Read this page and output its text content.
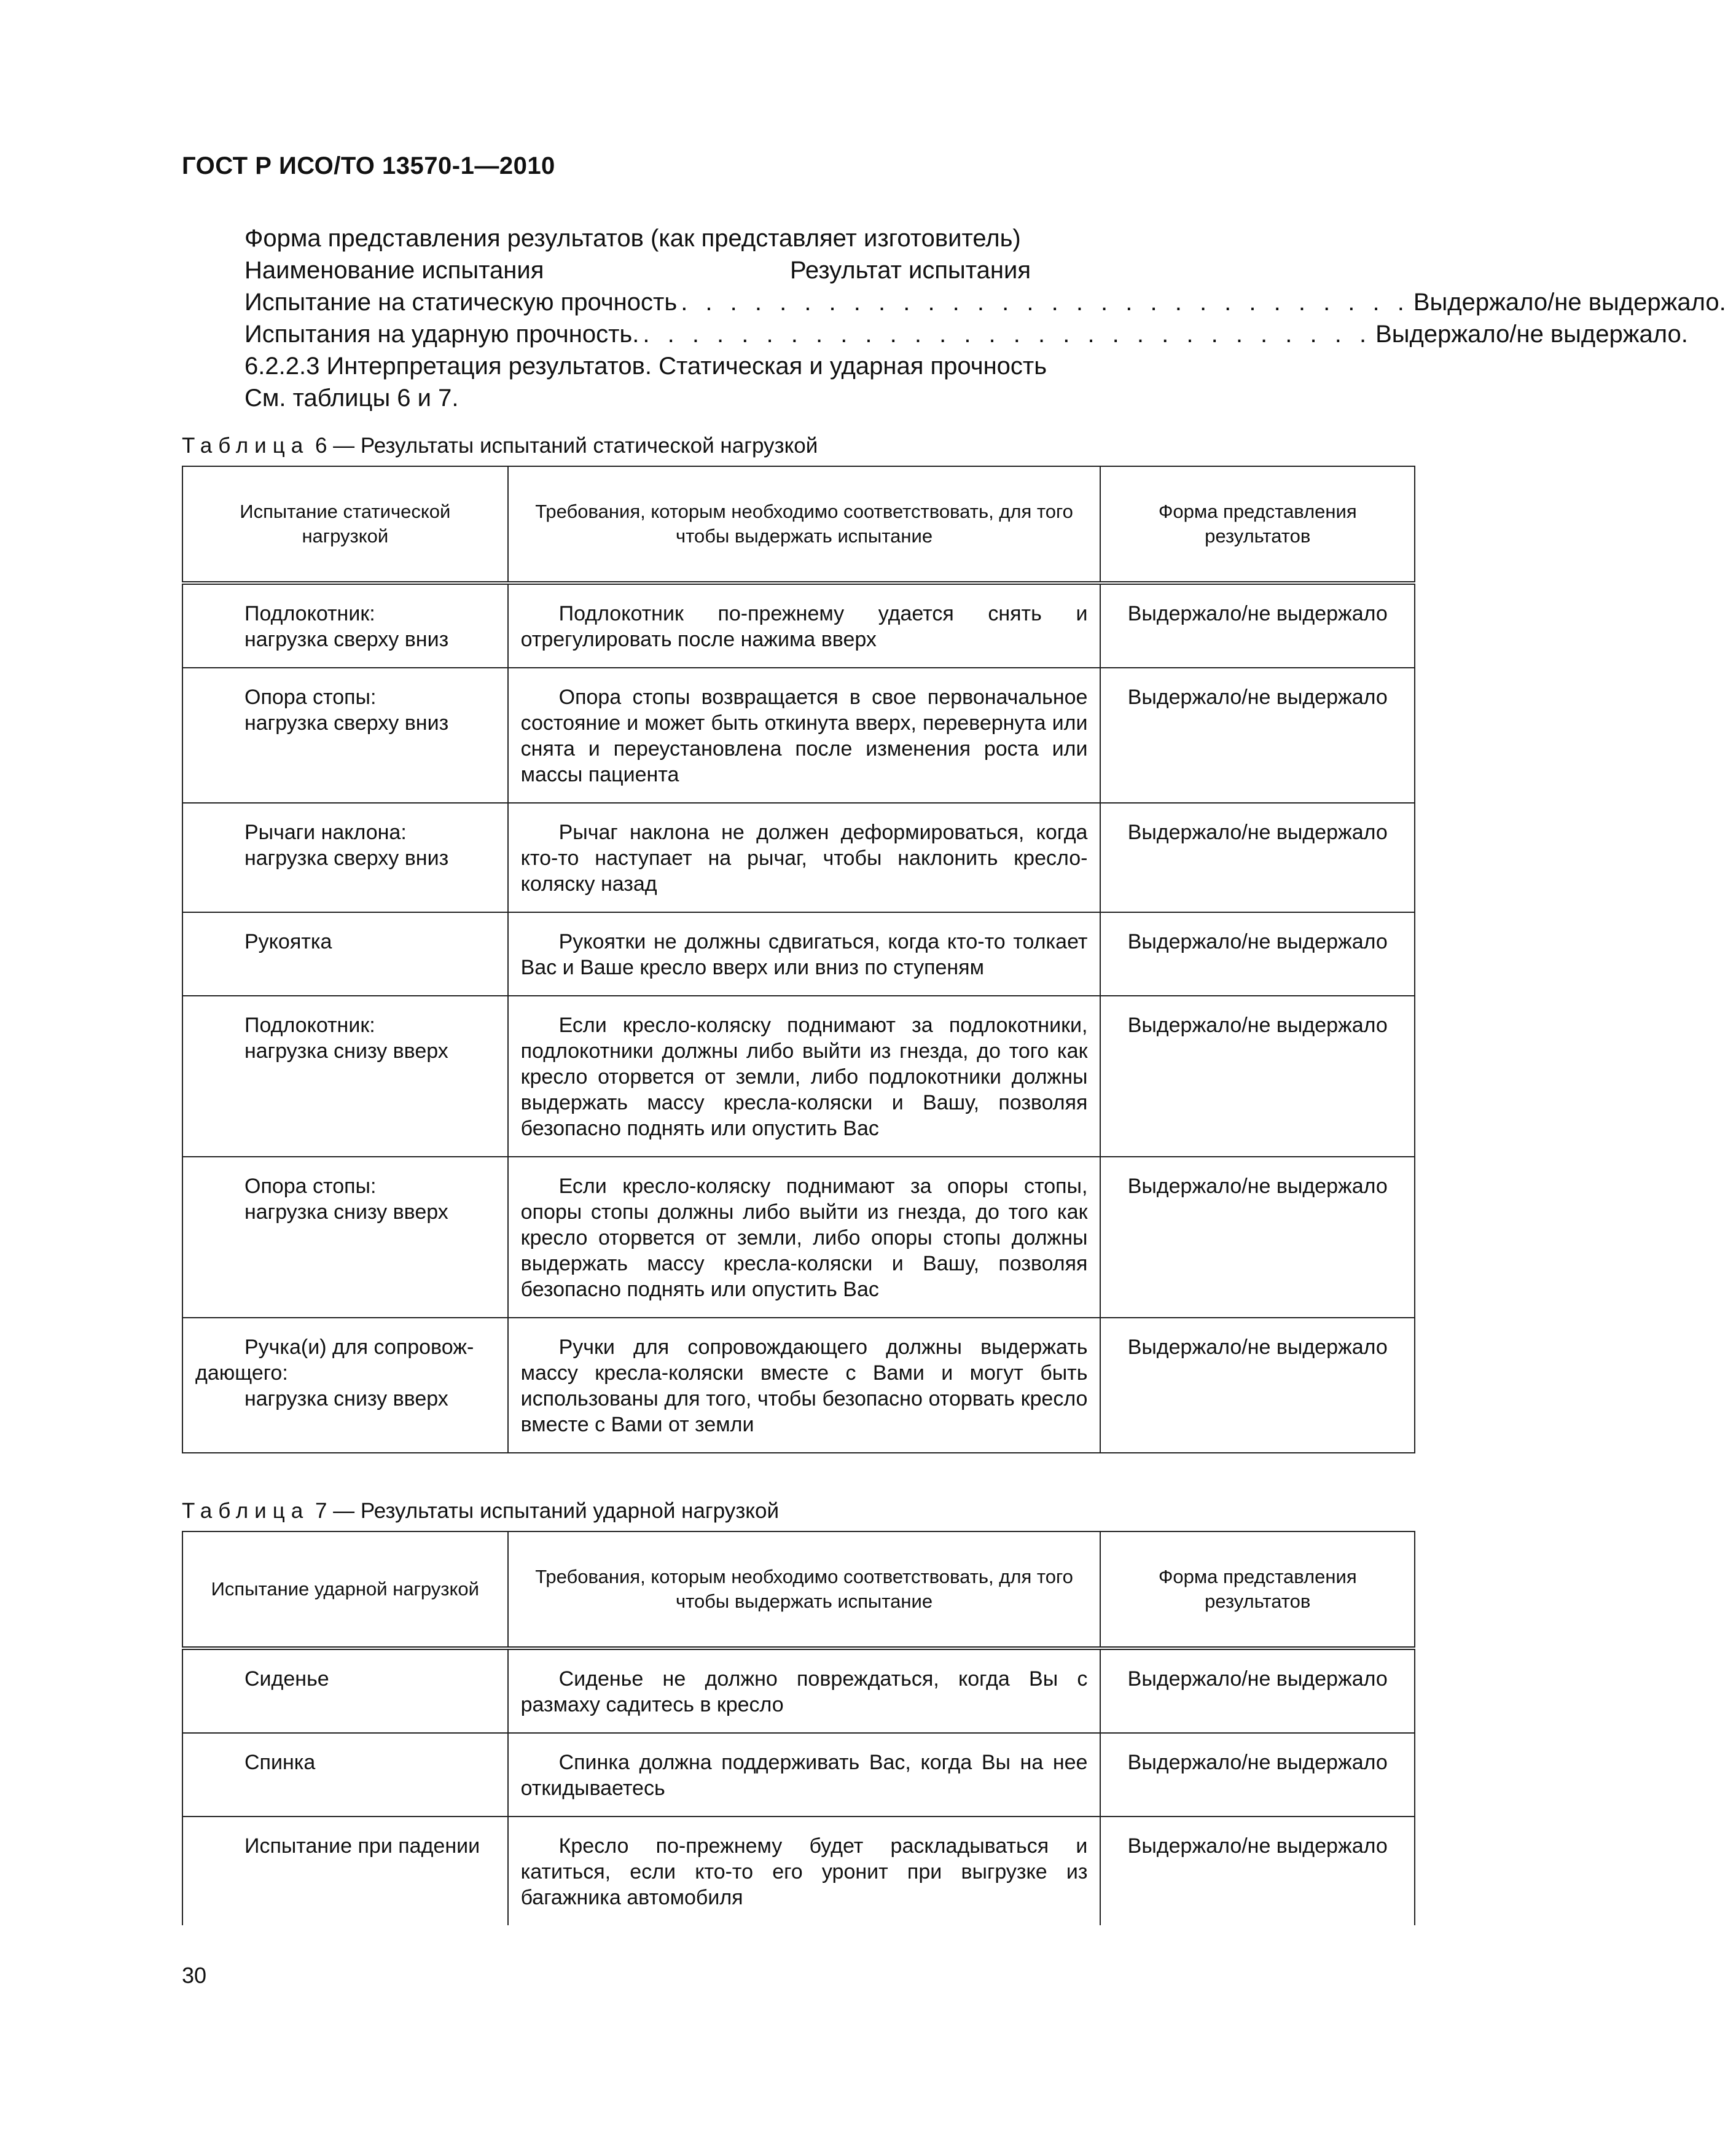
ГОСТ Р ИСО/ТО 13570-1—2010
Форма представления результатов (как представляет изготовитель)
Наименование испытания	Результат испытания
Испытание на статическую прочность . . . . . . . . . . . . . . . . . . . . . . . . . . . . . . Выдержало/не выдержало.
Испытания на ударную прочность. . . . . . . . . . . . . . . . . . . . . . . . . . . . . . . Выдержало/не выдержало.
6.2.2.3 Интерпретация результатов. Статическая и ударная прочность
См. таблицы 6 и 7.
Таблица 6 — Результаты испытаний статической нагрузкой
Испытание статической нагрузкой	Требования, которым необходимо соответствовать, для того чтобы выдержать испытание	Форма представления результатов

Подлокотник:
нагрузка сверху вниз	Подлокотник по-прежнему удается снять и отрегулировать после нажима вверх	Выдержало/не выдержало

Опора стопы:
нагрузка сверху вниз	Опора стопы возвращается в свое первоначальное состояние и может быть откинута вверх, перевернута или снята и переустановлена после изменения роста или массы пациента	Выдержало/не выдержало

Рычаги наклона:
нагрузка сверху вниз	Рычаг наклона не должен деформироваться, когда кто-то наступает на рычаг, чтобы наклонить кресло-коляску назад	Выдержало/не выдержало

Рукоятка	Рукоятки не должны сдвигаться, когда кто-то толкает Вас и Ваше кресло вверх или вниз по ступеням	Выдержало/не выдержало

Подлокотник:
нагрузка снизу вверх	Если кресло-коляску поднимают за подлокотники, подлокотники должны либо выйти из гнезда, до того как кресло оторвется от земли, либо подлокотники должны выдержать массу кресла-коляски и Вашу, позволяя безопасно поднять или опустить Вас	Выдержало/не выдержало

Опора стопы:
нагрузка снизу вверх	Если кресло-коляску поднимают за опоры стопы, опоры стопы должны либо выйти из гнезда, до того как кресло оторвется от земли, либо опоры стопы должны выдержать массу кресла-коляски и Вашу, позволяя безопасно поднять или опустить Вас	Выдержало/не выдержало

Ручка(и) для сопровож-
дающего:
нагрузка снизу вверх	Ручки для сопровождающего должны выдержать массу кресла-коляски вместе с Вами и могут быть использованы для того, чтобы безопасно оторвать кресло вместе с Вами от земли	Выдержало/не выдержало
Таблица 7 — Результаты испытаний ударной нагрузкой
Испытание ударной нагрузкой	Требования, которым необходимо соответствовать, для того чтобы выдержать испытание	Форма представления результатов
Сиденье	Сиденье не должно повреждаться, когда Вы с размаху садитесь в кресло	Выдержало/не выдержало
Спинка	Спинка должна поддерживать Вас, когда Вы на нее откидываетесь	Выдержало/не выдержало
Испытание при падении	Кресло по-прежнему будет раскладываться и катиться, если кто-то его уронит при выгрузке из багажника автомобиля	Выдержало/не выдержало
30
